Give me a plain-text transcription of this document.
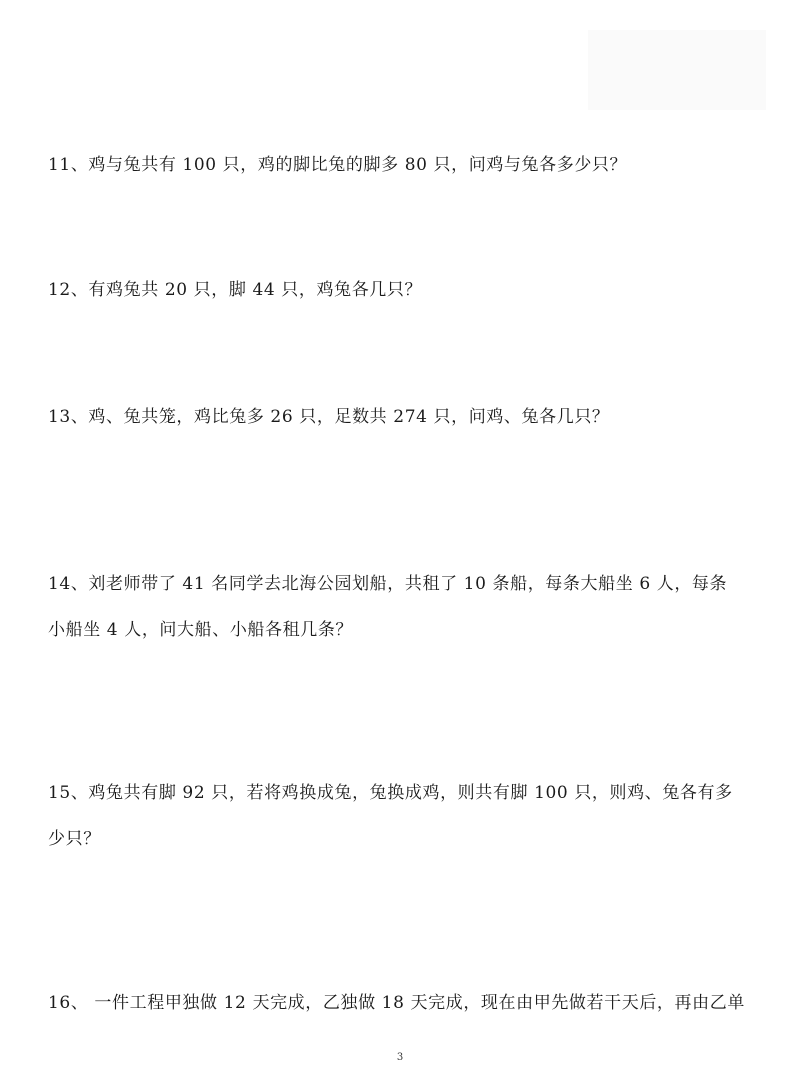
11、鸡与兔共有 100 只，鸡的脚比兔的脚多 80 只，问鸡与兔各多少只？
12、有鸡兔共 20 只，脚 44 只，鸡兔各几只？
13、鸡、兔共笼，鸡比兔多 26 只，足数共 274 只，问鸡、兔各几只？
14、刘老师带了 41 名同学去北海公园划船，共租了 10 条船，每条大船坐 6 人，每条
小船坐 4 人，问大船、小船各租几条？
15、鸡兔共有脚 92 只，若将鸡换成兔，兔换成鸡，则共有脚 100 只，则鸡、兔各有多
少只？
16、 一件工程甲独做 12 天完成，乙独做 18 天完成，现在由甲先做若干天后，再由乙单
3
